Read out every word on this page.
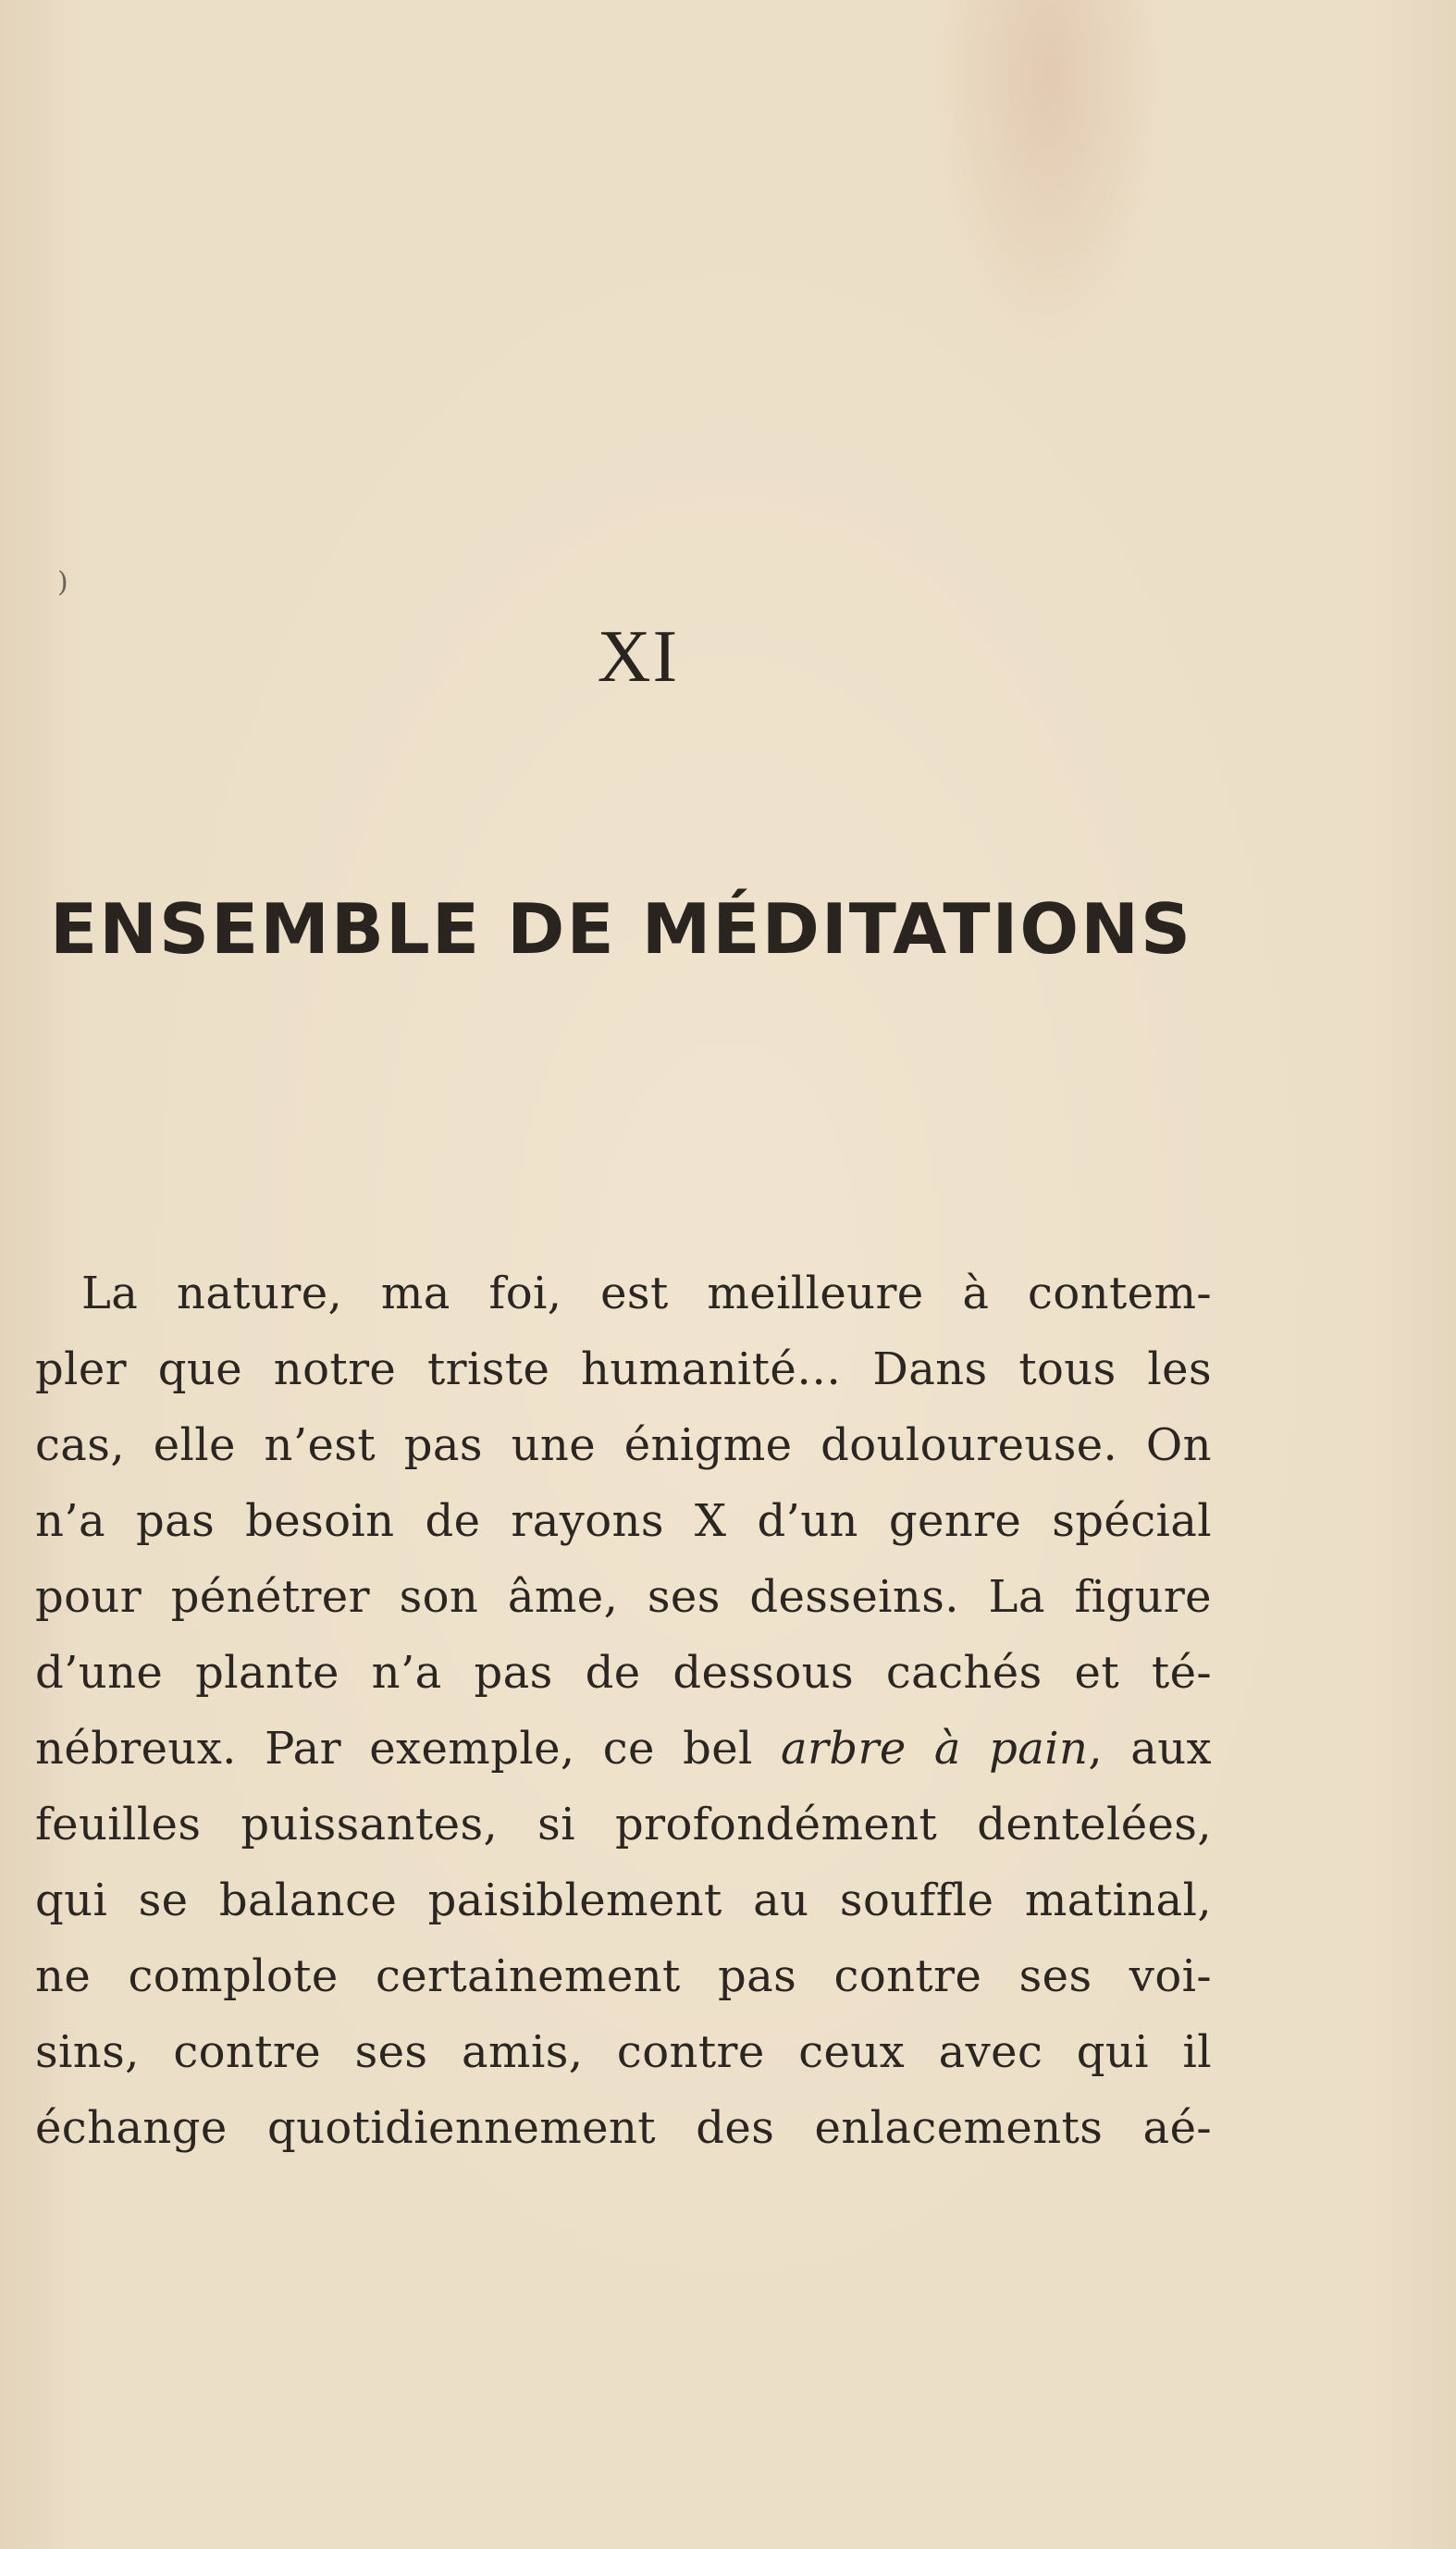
)
XI
ENSEMBLE DE MÉDITATIONS
La nature, ma foi, est meilleure à contem-
pler que notre triste humanité… Dans tous les
cas, elle n’est pas une énigme douloureuse. On
n’a pas besoin de rayons X d’un genre spécial
pour pénétrer son âme, ses desseins. La figure
d’une plante n’a pas de dessous cachés et té-
nébreux. Par exemple, ce bel arbre à pain, aux
feuilles puissantes, si profondément dentelées,
qui se balance paisiblement au souffle matinal,
ne complote certainement pas contre ses voi-
sins, contre ses amis, contre ceux avec qui il
échange quotidiennement des enlacements aé-
